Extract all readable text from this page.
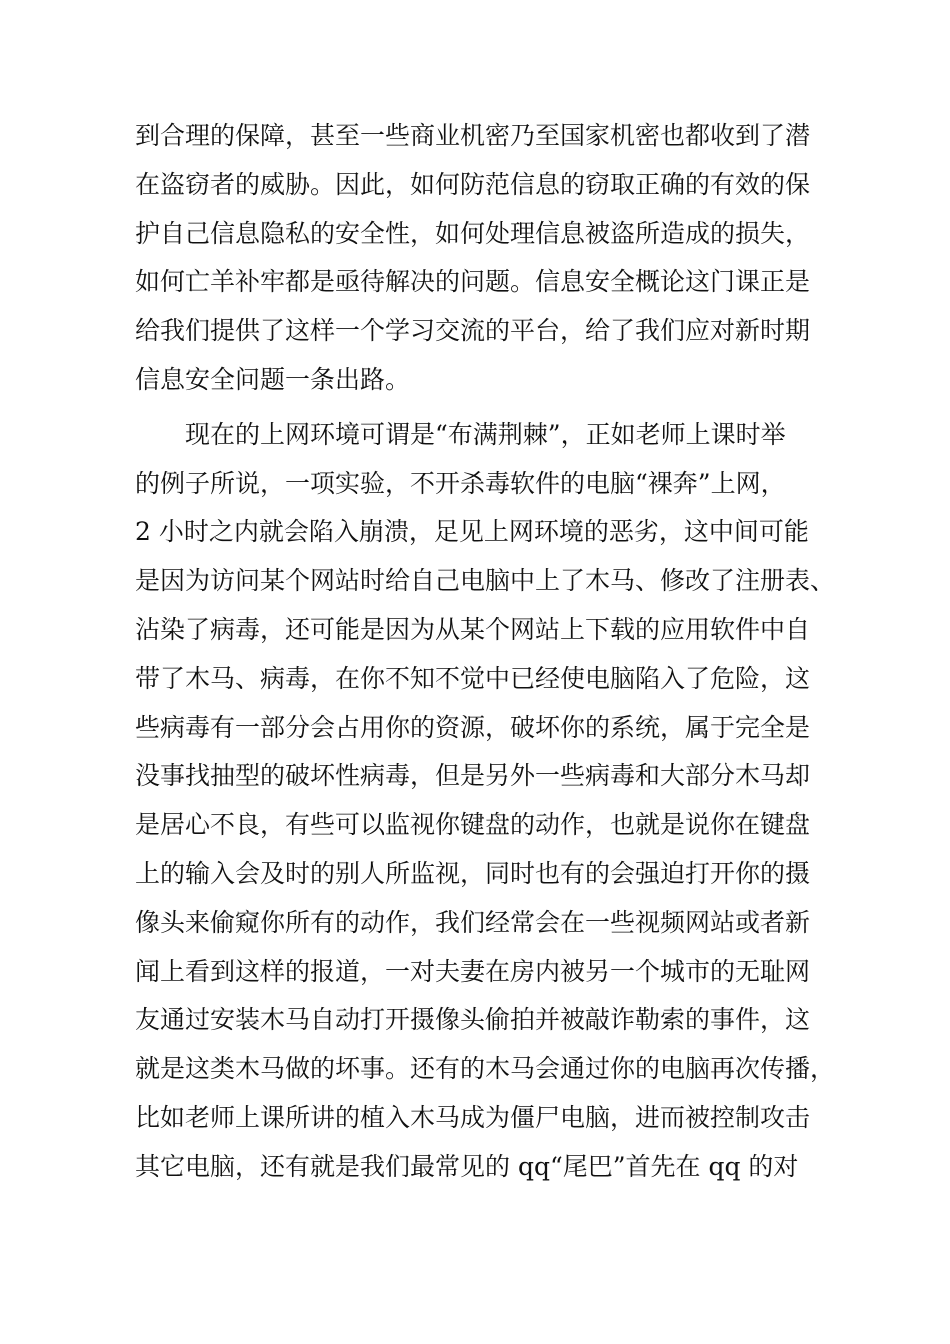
到合理的保障，甚至一些商业机密乃至国家机密也都收到了潜
在盗窃者的威胁。因此，如何防范信息的窃取正确的有效的保
护自己信息隐私的安全性，如何处理信息被盗所造成的损失，
如何亡羊补牢都是亟待解决的问题。信息安全概论这门课正是
给我们提供了这样一个学习交流的平台，给了我们应对新时期
信息安全问题一条出路。
现在的上网环境可谓是“布满荆棘”，正如老师上课时举
的例子所说，一项实验，不开杀毒软件的电脑“裸奔”上网，
2 小时之内就会陷入崩溃，足见上网环境的恶劣，这中间可能
是因为访问某个网站时给自己电脑中上了木马、修改了注册表、
沾染了病毒，还可能是因为从某个网站上下载的应用软件中自
带了木马、病毒，在你不知不觉中已经使电脑陷入了危险，这
些病毒有一部分会占用你的资源，破坏你的系统，属于完全是
没事找抽型的破坏性病毒，但是另外一些病毒和大部分木马却
是居心不良，有些可以监视你键盘的动作，也就是说你在键盘
上的输入会及时的别人所监视，同时也有的会强迫打开你的摄
像头来偷窥你所有的动作，我们经常会在一些视频网站或者新
闻上看到这样的报道，一对夫妻在房内被另一个城市的无耻网
友通过安装木马自动打开摄像头偷拍并被敲诈勒索的事件，这
就是这类木马做的坏事。还有的木马会通过你的电脑再次传播，
比如老师上课所讲的植入木马成为僵尸电脑，进而被控制攻击
其它电脑，还有就是我们最常见的 qq“尾巴”首先在 qq 的对
